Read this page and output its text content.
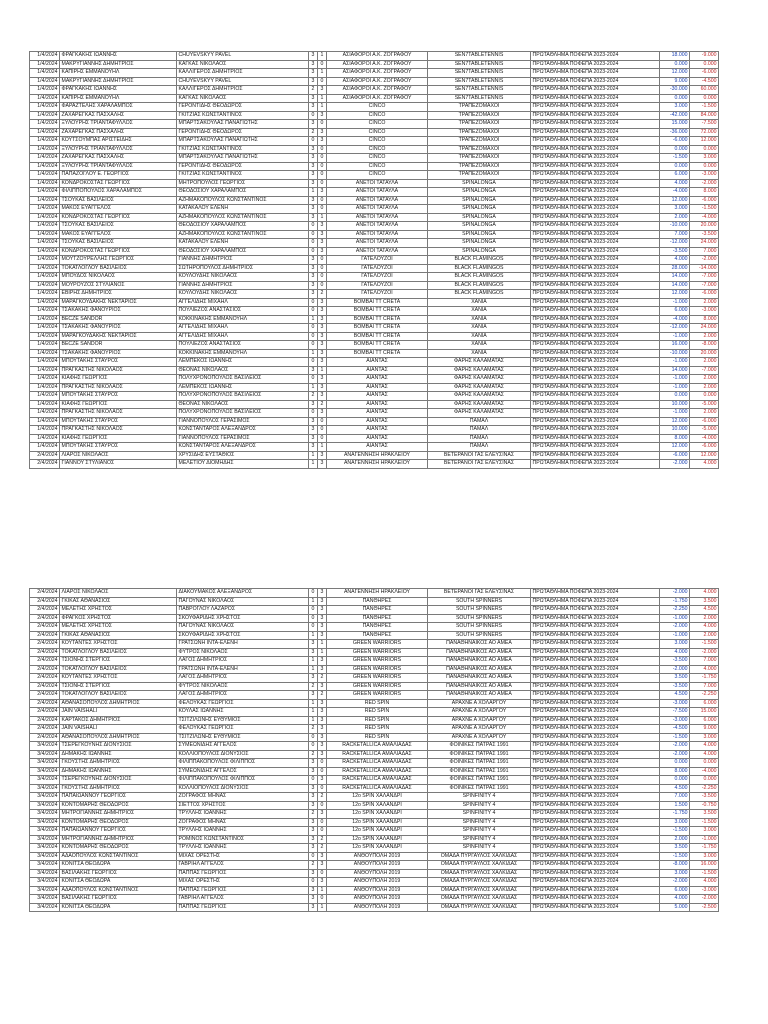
1/4/2024	ΦΡΑΓΚΑΚΗΣ ΙΩΑΝΝΗΣ	CHUYEVSKYY PAVEL	3	1	ΑΣΙΑΦΟΡΟΙ Α.Κ. ΖΟΓΡΑΦΟΥ	SEN7TABLETENNIS	ΠΡΩΤΑΘΛΗΜΑ ΠΟΦΕΠΑ 2023-2024	18.000	-9.000
1/4/2024	ΜΑΚΡΥΓΙΑΝΝΗΣ ΔΗΜΗΤΡΙΟΣ	ΚΑΓΚΑΣ ΝΙΚΟΛΑΟΣ	3	0	ΑΣΙΑΦΟΡΟΙ Α.Κ. ΖΟΓΡΑΦΟΥ	SEN7TABLETENNIS	ΠΡΩΤΑΘΛΗΜΑ ΠΟΦΕΠΑ 2023-2024	0.000	0.000
1/4/2024	ΚΑΠΙΡΗΣ ΕΜΜΑΝΟΥΗΛ	ΚΑΛΛΙΓΕΡΟΣ ΔΗΜΗΤΡΙΟΣ	3	1	ΑΣΙΑΦΟΡΟΙ Α.Κ. ΖΟΓΡΑΦΟΥ	SEN7TABLETENNIS	ΠΡΩΤΑΘΛΗΜΑ ΠΟΦΕΠΑ 2023-2024	12.000	-6.000
1/4/2024	ΜΑΚΡΥΓΙΑΝΝΗΣ ΔΗΜΗΤΡΙΟΣ	CHUYEVSKYY PAVEL	3	0	ΑΣΙΑΦΟΡΟΙ Α.Κ. ΖΟΓΡΑΦΟΥ	SEN7TABLETENNIS	ΠΡΩΤΑΘΛΗΜΑ ΠΟΦΕΠΑ 2023-2024	9.000	-4.500
1/4/2024	ΦΡΑΓΚΑΚΗΣ ΙΩΑΝΝΗΣ	ΚΑΛΛΙΓΕΡΟΣ ΔΗΜΗΤΡΙΟΣ	2	3	ΑΣΙΑΦΟΡΟΙ Α.Κ. ΖΟΓΡΑΦΟΥ	SEN7TABLETENNIS	ΠΡΩΤΑΘΛΗΜΑ ΠΟΦΕΠΑ 2023-2024	-30.000	60.000
1/4/2024	ΚΑΠΙΡΗΣ ΕΜΜΑΝΟΥΗΛ	ΚΑΓΚΑΣ ΝΙΚΟΛΑΟΣ	3	1	ΑΣΙΑΦΟΡΟΙ Α.Κ. ΖΟΓΡΑΦΟΥ	SEN7TABLETENNIS	ΠΡΩΤΑΘΛΗΜΑ ΠΟΦΕΠΑ 2023-2024	0.000	0.000
1/4/2024	ΦΑΡΑΖΤΕΛΗΣ ΧΑΡΑΛΑΜΠΟΣ	ΓΕΡΟΝΤΙΔΗΣ ΘΕΟΔΩΡΟΣ	3	1	CINCO	ΤΡΑΠΕΖΟΜΑΧΟΙ	ΠΡΩΤΑΘΛΗΜΑ ΠΟΦΕΠΑ 2023-2024	3.000	-1.500
1/4/2024	ΖΑΧΑΡΕΓΚΑΣ ΠΑΣΧΑΛΗΣ	ΓΚΙΤΖΙΑΣ ΚΩΝΣΤΑΝΤΙΝΟΣ	0	3	CINCO	ΤΡΑΠΕΖΟΜΑΧΟΙ	ΠΡΩΤΑΘΛΗΜΑ ΠΟΦΕΠΑ 2023-2024	-42.000	84.000
1/4/2024	ΞΥΛΟΥΡΗΣ ΤΡΙΑΝΤΑΦΥΛΛΟΣ	ΜΠΑΡΤΣΑΚΟΥΛΑΣ ΠΑΝΑΓΙΩΤΗΣ	3	0	CINCO	ΤΡΑΠΕΖΟΜΑΧΟΙ	ΠΡΩΤΑΘΛΗΜΑ ΠΟΦΕΠΑ 2023-2024	15.000	-7.500
1/4/2024	ΖΑΧΑΡΕΓΚΑΣ ΠΑΣΧΑΛΗΣ	ΓΕΡΟΝΤΙΔΗΣ ΘΕΟΔΩΡΟΣ	2	3	CINCO	ΤΡΑΠΕΖΟΜΑΧΟΙ	ΠΡΩΤΑΘΛΗΜΑ ΠΟΦΕΠΑ 2023-2024	-36.000	72.000
1/4/2024	ΚΟΥΤΣΟΥΜΠΑΣ ΑΡΙΣΤΕΙΔΗΣ	ΜΠΑΡΤΣΑΚΟΥΛΑΣ ΠΑΝΑΓΙΩΤΗΣ	0	3	CINCO	ΤΡΑΠΕΖΟΜΑΧΟΙ	ΠΡΩΤΑΘΛΗΜΑ ΠΟΦΕΠΑ 2023-2024	-6.000	12.000
1/4/2024	ΞΥΛΟΥΡΗΣ ΤΡΙΑΝΤΑΦΥΛΛΟΣ	ΓΚΙΤΖΙΑΣ ΚΩΝΣΤΑΝΤΙΝΟΣ	3	0	CINCO	ΤΡΑΠΕΖΟΜΑΧΟΙ	ΠΡΩΤΑΘΛΗΜΑ ΠΟΦΕΠΑ 2023-2024	0.000	0.000
1/4/2024	ΖΑΧΑΡΕΓΚΑΣ ΠΑΣΧΑΛΗΣ	ΜΠΑΡΤΣΑΚΟΥΛΑΣ ΠΑΝΑΓΙΩΤΗΣ	3	0	CINCO	ΤΡΑΠΕΖΟΜΑΧΟΙ	ΠΡΩΤΑΘΛΗΜΑ ΠΟΦΕΠΑ 2023-2024	-1.500	3.000
1/4/2024	ΞΥΛΟΥΡΗΣ ΤΡΙΑΝΤΑΦΥΛΛΟΣ	ΓΕΡΟΝΤΙΔΗΣ ΘΕΟΔΩΡΟΣ	3	0	CINCO	ΤΡΑΠΕΖΟΜΑΧΟΙ	ΠΡΩΤΑΘΛΗΜΑ ΠΟΦΕΠΑ 2023-2024	0.000	0.000
1/4/2024	ΠΑΠΑΖΟΓΛΟΥ Ε. ΓΕΩΡΓΙΟΣ	ΓΚΙΤΖΙΑΣ ΚΩΝΣΤΑΝΤΙΝΟΣ	3	0	CINCO	ΤΡΑΠΕΖΟΜΑΧΟΙ	ΠΡΩΤΑΘΛΗΜΑ ΠΟΦΕΠΑ 2023-2024	6.000	-3.000
1/4/2024	ΚΟΝΔΡΟΚΟΣΤΑΣ ΓΕΩΡΓΙΟΣ	ΜΗΤΡΟΠΟΥΛΟΣ ΓΕΩΡΓΙΟΣ	3	0	ΑΝΕΤΟΙ ΤΑΤΑΥΛΑ	SPINALONGA	ΠΡΩΤΑΘΛΗΜΑ ΠΟΦΕΠΑ 2023-2024	4.000	-2.000
1/4/2024	ΦΙΛΙΠΠΟΠΟΥΛΟΣ ΧΑΡΑΛΑΜΠΟΣ	ΘΕΟΔΟΣΙΟΥ ΧΑΡΑΛΑΜΠΟΣ	1	3	ΑΝΕΤΟΙ ΤΑΤΑΥΛΑ	SPINALONGA	ΠΡΩΤΑΘΛΗΜΑ ΠΟΦΕΠΑ 2023-2024	-4.000	8.000
1/4/2024	ΤΣΟΥΚΑΣ ΒΑΣΙΛΕΙΟΣ	ΑΖΗΜΑΚΟΠΟΥΛΟΣ ΚΩΝΣΤΑΝΤΙΝΟΣ	3	0	ΑΝΕΤΟΙ ΤΑΤΑΥΛΑ	SPINALONGA	ΠΡΩΤΑΘΛΗΜΑ ΠΟΦΕΠΑ 2023-2024	12.000	-6.000
1/4/2024	ΜΑΚΟΣ ΕΥΑΓΓΕΛΟΣ	ΚΑΤΑΚΑΛΟΥ ΕΛΕΝΗ	3	0	ΑΝΕΤΟΙ ΤΑΤΑΥΛΑ	SPINALONGA	ΠΡΩΤΑΘΛΗΜΑ ΠΟΦΕΠΑ 2023-2024	3.000	-1.500
1/4/2024	ΚΟΝΔΡΟΚΟΣΤΑΣ ΓΕΩΡΓΙΟΣ	ΑΖΗΜΑΚΟΠΟΥΛΟΣ ΚΩΝΣΤΑΝΤΙΝΟΣ	3	1	ΑΝΕΤΟΙ ΤΑΤΑΥΛΑ	SPINALONGA	ΠΡΩΤΑΘΛΗΜΑ ΠΟΦΕΠΑ 2023-2024	2.000	-4.000
1/4/2024	ΤΣΟΥΚΑΣ ΒΑΣΙΛΕΙΟΣ	ΘΕΟΔΟΣΙΟΥ ΧΑΡΑΛΑΜΠΟΣ	0	3	ΑΝΕΤΟΙ ΤΑΤΑΥΛΑ	SPINALONGA	ΠΡΩΤΑΘΛΗΜΑ ΠΟΦΕΠΑ 2023-2024	-10.000	20.000
1/4/2024	ΜΑΚΟΣ ΕΥΑΓΓΕΛΟΣ	ΑΖΗΜΑΚΟΠΟΥΛΟΣ ΚΩΝΣΤΑΝΤΙΝΟΣ	0	3	ΑΝΕΤΟΙ ΤΑΤΑΥΛΑ	SPINALONGA	ΠΡΩΤΑΘΛΗΜΑ ΠΟΦΕΠΑ 2023-2024	7.000	-3.500
1/4/2024	ΤΣΟΥΚΑΣ ΒΑΣΙΛΕΙΟΣ	ΚΑΤΑΚΑΛΟΥ ΕΛΕΝΗ	0	3	ΑΝΕΤΟΙ ΤΑΤΑΥΛΑ	SPINALONGA	ΠΡΩΤΑΘΛΗΜΑ ΠΟΦΕΠΑ 2023-2024	-12.000	24.000
1/4/2024	ΚΟΝΔΡΟΚΟΣΤΑΣ ΓΕΩΡΓΙΟΣ	ΘΕΟΔΟΣΙΟΥ ΧΑΡΑΛΑΜΠΟΣ	0	3	ΑΝΕΤΟΙ ΤΑΤΑΥΛΑ	SPINALONGA	ΠΡΩΤΑΘΛΗΜΑ ΠΟΦΕΠΑ 2023-2024	-3.500	7.000
1/4/2024	ΜΟΥΤΖΟΥΡΕΛΛΗΣ ΓΕΩΡΓΙΟΣ	ΓΙΑΝΝΗΣ ΔΗΜΗΤΡΙΟΣ	3	0	ΓΑΤΕΛΟΥΖΟΙ	BLACK FLAMINGOS	ΠΡΩΤΑΘΛΗΜΑ ΠΟΦΕΠΑ 2023-2024	4.000	-2.000
1/4/2024	ΤΟΚΑΤΛΟΓΛΟΥ ΒΑΣΙΛΕΙΟΣ	ΣΩΤΗΡΟΠΟΥΛΟΣ ΔΗΜΗΤΡΙΟΣ	3	0	ΓΑΤΕΛΟΥΖΟΙ	BLACK FLAMINGOS	ΠΡΩΤΑΘΛΗΜΑ ΠΟΦΕΠΑ 2023-2024	28.000	-14.000
1/4/2024	ΜΠΟΥΔΟΣ ΝΙΚΟΛΑΟΣ	ΚΟΥΛΟΥΔΗΣ ΝΙΚΟΛΑΟΣ	3	0	ΓΑΤΕΛΟΥΖΟΙ	BLACK FLAMINGOS	ΠΡΩΤΑΘΛΗΜΑ ΠΟΦΕΠΑ 2023-2024	14.000	-7.000
1/4/2024	ΜΟΥΡΟΥΖΟΣ ΣΤΥΛΙΑΝΟΣ	ΓΙΑΝΝΗΣ ΔΗΜΗΤΡΙΟΣ	3	0	ΓΑΤΕΛΟΥΖΟΙ	BLACK FLAMINGOS	ΠΡΩΤΑΘΛΗΜΑ ΠΟΦΕΠΑ 2023-2024	14.000	-7.000
1/4/2024	ΕΒΙΡΗΣ ΔΗΜΗΤΡΙΟΣ	ΚΟΥΛΟΥΔΗΣ ΝΙΚΟΛΑΟΣ	3	2	ΓΑΤΕΛΟΥΖΟΙ	BLACK FLAMINGOS	ΠΡΩΤΑΘΛΗΜΑ ΠΟΦΕΠΑ 2023-2024	12.000	-6.000
1/4/2024	ΜΑΡΑΓΚΟΥΔΑΚΗΣ ΝΕΚΤΑΡΙΟΣ	ΑΓΓΕΛΙΔΗΣ ΜΙΧΑΗΛ	0	3	BOMBAI TT CRETA	ΧΑΝΙΑ	ΠΡΩΤΑΘΛΗΜΑ ΠΟΦΕΠΑ 2023-2024	-1.000	2.000
1/4/2024	ΤΣΑΚΑΚΗΣ ΦΑΝΟΥΡΙΟΣ	ΠΟΥΛΙΕΖΟΣ ΑΝΑΣΤΑΣΙΟΣ	0	3	BOMBAI TT CRETA	ΧΑΝΙΑ	ΠΡΩΤΑΘΛΗΜΑ ΠΟΦΕΠΑ 2023-2024	6.000	-3.000
1/4/2024	BECZE SANDOR	ΚΟΚΚΙΝΑΚΗΣ ΕΜΜΑΝΟΥΗΛ	1	3	BOMBAI TT CRETA	ΧΑΝΙΑ	ΠΡΩΤΑΘΛΗΜΑ ΠΟΦΕΠΑ 2023-2024	-4.000	8.000
1/4/2024	ΤΣΑΚΑΚΗΣ ΦΑΝΟΥΡΙΟΣ	ΑΓΓΕΛΙΔΗΣ ΜΙΧΑΗΛ	0	3	BOMBAI TT CRETA	ΧΑΝΙΑ	ΠΡΩΤΑΘΛΗΜΑ ΠΟΦΕΠΑ 2023-2024	-12.000	24.000
1/4/2024	ΜΑΡΑΓΚΟΥΔΑΚΗΣ ΝΕΚΤΑΡΙΟΣ	ΑΓΓΕΛΙΔΗΣ ΜΙΧΑΗΛ	0	3	BOMBAI TT CRETA	ΧΑΝΙΑ	ΠΡΩΤΑΘΛΗΜΑ ΠΟΦΕΠΑ 2023-2024	-1.000	2.000
1/4/2024	BECZE SANDOR	ΠΟΥΛΙΕΖΟΣ ΑΝΑΣΤΑΣΙΟΣ	0	3	BOMBAI TT CRETA	ΧΑΝΙΑ	ΠΡΩΤΑΘΛΗΜΑ ΠΟΦΕΠΑ 2023-2024	16.000	-8.000
1/4/2024	ΤΣΑΚΑΚΗΣ ΦΑΝΟΥΡΙΟΣ	ΚΟΚΚΙΝΑΚΗΣ ΕΜΜΑΝΟΥΗΛ	1	3	BOMBAI TT CRETA	ΧΑΝΙΑ	ΠΡΩΤΑΘΛΗΜΑ ΠΟΦΕΠΑ 2023-2024	-10.000	20.000
1/4/2024	ΜΠΟΥΤΑΚΗΣ ΣΤΑΥΡΟΣ	ΛΕΜΠΕΚΟΣ ΙΩΑΝΝΗΣ	0	3	ΑΙΑΝΤΑΣ	ΦΑΡΗΣ ΚΑΛΑΜΑΤΑΣ	ΠΡΩΤΑΘΛΗΜΑ ΠΟΦΕΠΑ 2023-2024	-1.000	2.000
1/4/2024	ΠΡΑΓΚΑΣΤΗΣ ΝΙΚΟΛΑΟΣ	ΘΕΟΝΑΣ ΝΙΚΟΛΑΟΣ	3	1	ΑΙΑΝΤΑΣ	ΦΑΡΗΣ ΚΑΛΑΜΑΤΑΣ	ΠΡΩΤΑΘΛΗΜΑ ΠΟΦΕΠΑ 2023-2024	14.000	-7.000
1/4/2024	ΚΙΑΦΗΣ ΓΕΩΡΓΙΟΣ	ΠΟΛΥΧΡΟΝΟΠΟΥΛΟΣ ΒΑΣΙΛΕΙΟΣ	0	3	ΑΙΑΝΤΑΣ	ΦΑΡΗΣ ΚΑΛΑΜΑΤΑΣ	ΠΡΩΤΑΘΛΗΜΑ ΠΟΦΕΠΑ 2023-2024	-1.000	2.000
1/4/2024	ΠΡΑΓΚΑΣΤΗΣ ΝΙΚΟΛΑΟΣ	ΛΕΜΠΕΚΟΣ ΙΩΑΝΝΗΣ	1	3	ΑΙΑΝΤΑΣ	ΦΑΡΗΣ ΚΑΛΑΜΑΤΑΣ	ΠΡΩΤΑΘΛΗΜΑ ΠΟΦΕΠΑ 2023-2024	-1.000	2.000
1/4/2024	ΜΠΟΥΤΑΚΗΣ ΣΤΑΥΡΟΣ	ΠΟΛΥΧΡΟΝΟΠΟΥΛΟΣ ΒΑΣΙΛΕΙΟΣ	2	3	ΑΙΑΝΤΑΣ	ΦΑΡΗΣ ΚΑΛΑΜΑΤΑΣ	ΠΡΩΤΑΘΛΗΜΑ ΠΟΦΕΠΑ 2023-2024	0.000	0.000
1/4/2024	ΚΙΑΦΗΣ ΓΕΩΡΓΙΟΣ	ΘΕΟΝΑΣ ΝΙΚΟΛΑΟΣ	3	2	ΑΙΑΝΤΑΣ	ΦΑΡΗΣ ΚΑΛΑΜΑΤΑΣ	ΠΡΩΤΑΘΛΗΜΑ ΠΟΦΕΠΑ 2023-2024	10.000	-5.000
1/4/2024	ΠΡΑΓΚΑΣΤΗΣ ΝΙΚΟΛΑΟΣ	ΠΟΛΥΧΡΟΝΟΠΟΥΛΟΣ ΒΑΣΙΛΕΙΟΣ	0	3	ΑΙΑΝΤΑΣ	ΦΑΡΗΣ ΚΑΛΑΜΑΤΑΣ	ΠΡΩΤΑΘΛΗΜΑ ΠΟΦΕΠΑ 2023-2024	-1.000	2.000
1/4/2024	ΜΠΟΥΤΑΚΗΣ ΣΤΑΥΡΟΣ	ΓΙΑΝΝΟΠΟΥΛΟΣ ΓΕΡΑΣΙΜΟΣ	3	0	ΑΙΑΝΤΑΣ	ΠΑΜΑΛ	ΠΡΩΤΑΘΛΗΜΑ ΠΟΦΕΠΑ 2023-2024	12.000	-6.000
1/4/2024	ΠΡΑΓΚΑΣΤΗΣ ΝΙΚΟΛΑΟΣ	ΚΩΝΣΤΑΝΤΑΡΟΣ ΑΛΕΞΑΝΔΡΟΣ	3	0	ΑΙΑΝΤΑΣ	ΠΑΜΑΛ	ΠΡΩΤΑΘΛΗΜΑ ΠΟΦΕΠΑ 2023-2024	10.000	-5.000
1/4/2024	ΚΙΑΦΗΣ ΓΕΩΡΓΙΟΣ	ΓΙΑΝΝΟΠΟΥΛΟΣ ΓΕΡΑΣΙΜΟΣ	3	0	ΑΙΑΝΤΑΣ	ΠΑΜΑΛ	ΠΡΩΤΑΘΛΗΜΑ ΠΟΦΕΠΑ 2023-2024	8.000	-4.000
1/4/2024	ΜΠΟΥΤΑΚΗΣ ΣΤΑΥΡΟΣ	ΚΩΝΣΤΑΝΤΑΡΟΣ ΑΛΕΞΑΝΔΡΟΣ	3	1	ΑΙΑΝΤΑΣ	ΠΑΜΑΛ	ΠΡΩΤΑΘΛΗΜΑ ΠΟΦΕΠΑ 2023-2024	12.000	-6.000
2/4/2024	ΛΙΑΡΟΣ ΝΙΚΟΛΑΟΣ	ΧΡΥΣΙΔΗΣ ΕΥΣΤΑΘΙΟΣ	1	3	ΑΝΑΓΕΝΝΗΣΗ ΗΡΑΚΛΕΙΟΥ	ΒΕΤΕΡΑΝΟΙ ΓΑΣ ΕΛΕΥΣΙΝΑΣ	ΠΡΩΤΑΘΛΗΜΑ ΠΟΦΕΠΑ 2023-2024	-6.000	12.000
2/4/2024	ΓΙΑΝΝΟΥ ΣΤΥΛΙΑΝΟΣ	ΜΕΛΕΤΙΟΥ ΔΙΟΜΗΔΗΣ	1	3	ΑΝΑΓΕΝΝΗΣΗ ΗΡΑΚΛΕΙΟΥ	ΒΕΤΕΡΑΝΟΙ ΓΑΣ ΕΛΕΥΣΙΝΑΣ	ΠΡΩΤΑΘΛΗΜΑ ΠΟΦΕΠΑ 2023-2024	-2.000	4.000
2/4/2024	ΛΙΑΡΟΣ ΝΙΚΟΛΑΟΣ	ΔΙΑΚΟΥΜΑΚΟΣ ΑΛΕΞΑΝΔΡΟΣ	0	3	ΑΝΑΓΕΝΝΗΣΗ ΗΡΑΚΛΕΙΟΥ	ΒΕΤΕΡΑΝΟΙ ΓΑΣ ΕΛΕΥΣΙΝΑΣ	ΠΡΩΤΑΘΛΗΜΑ ΠΟΦΕΠΑ 2023-2024	-2.000	4.000
2/4/2024	ΓΚΙΚΑΣ ΑΘΑΝΑΣΙΟΣ	ΠΑΓΟΥΝΑΣ ΝΙΚΟΛΑΟΣ	1	3	ΠΑΝΘΗΡΕΣ	SOUTH SPINNERS	ΠΡΩΤΑΘΛΗΜΑ ΠΟΦΕΠΑ 2023-2024	-1.750	3.500
2/4/2024	ΜΕΛΕΤΗΣ ΧΡΗΣΤΟΣ	ΠΑΒΡΟΓΛΟΥ ΛΑΖΑΡΟΣ	0	3	ΠΑΝΘΗΡΕΣ	SOUTH SPINNERS	ΠΡΩΤΑΘΛΗΜΑ ΠΟΦΕΠΑ 2023-2024	-2.250	4.500
2/4/2024	ΦΡΑΓΚΟΣ ΧΡΗΣΤΟΣ	ΣΚΟΥΦΑΡΙΔΗΣ ΧΡΗΣΤΟΣ	0	3	ΠΑΝΘΗΡΕΣ	SOUTH SPINNERS	ΠΡΩΤΑΘΛΗΜΑ ΠΟΦΕΠΑ 2023-2024	-1.000	2.000
2/4/2024	ΜΕΛΕΤΗΣ ΧΡΗΣΤΟΣ	ΠΑΓΟΥΝΑΣ ΝΙΚΟΛΑΟΣ	0	3	ΠΑΝΘΗΡΕΣ	SOUTH SPINNERS	ΠΡΩΤΑΘΛΗΜΑ ΠΟΦΕΠΑ 2023-2024	-2.000	4.000
2/4/2024	ΓΚΙΚΑΣ ΑΘΑΝΑΣΙΟΣ	ΣΚΟΥΦΑΡΙΔΗΣ ΧΡΗΣΤΟΣ	1	3	ΠΑΝΘΗΡΕΣ	SOUTH SPINNERS	ΠΡΩΤΑΘΛΗΜΑ ΠΟΦΕΠΑ 2023-2024	-1.000	2.000
2/4/2024	ΚΟΥΤΑΝΤΕΣ ΧΡΗΣΤΟΣ	ΓΡΑΤΣΩΝΗ ΙΝΤΑ-ΕΛΕΝΗ	3	1	GREEN WARRIORS	ΠΑΝΑΘΗΝΑΪΚΟΣ ΑΟ ΑΜΕΑ	ΠΡΩΤΑΘΛΗΜΑ ΠΟΦΕΠΑ 2023-2024	3.000	-1.500
2/4/2024	ΤΟΚΑΤΛΟΓΛΟΥ ΒΑΣΙΛΕΙΟΣ	ΦΥΤΡΟΣ ΝΙΚΟΛΑΟΣ	3	1	GREEN WARRIORS	ΠΑΝΑΘΗΝΑΪΚΟΣ ΑΟ ΑΜΕΑ	ΠΡΩΤΑΘΛΗΜΑ ΠΟΦΕΠΑ 2023-2024	4.000	-2.000
2/4/2024	ΤΣΙΟΝΗΣ ΣΤΕΡΓΙΟΣ	ΛΑΓΟΣ ΔΗΜΗΤΡΙΟΣ	1	3	GREEN WARRIORS	ΠΑΝΑΘΗΝΑΪΚΟΣ ΑΟ ΑΜΕΑ	ΠΡΩΤΑΘΛΗΜΑ ΠΟΦΕΠΑ 2023-2024	-3.500	7.000
2/4/2024	ΤΟΚΑΤΛΟΓΛΟΥ ΒΑΣΙΛΕΙΟΣ	ΓΡΑΤΣΩΝΗ ΙΝΤΑ-ΕΛΕΝΗ	1	3	GREEN WARRIORS	ΠΑΝΑΘΗΝΑΪΚΟΣ ΑΟ ΑΜΕΑ	ΠΡΩΤΑΘΛΗΜΑ ΠΟΦΕΠΑ 2023-2024	-2.000	4.000
2/4/2024	ΚΟΥΤΑΝΤΕΣ ΧΡΗΣΤΟΣ	ΛΑΓΟΣ ΔΗΜΗΤΡΙΟΣ	3	2	GREEN WARRIORS	ΠΑΝΑΘΗΝΑΪΚΟΣ ΑΟ ΑΜΕΑ	ΠΡΩΤΑΘΛΗΜΑ ΠΟΦΕΠΑ 2023-2024	3.500	-1.750
2/4/2024	ΤΣΙΟΝΗΣ ΣΤΕΡΓΙΟΣ	ΦΥΤΡΟΣ ΝΙΚΟΛΑΟΣ	2	3	GREEN WARRIORS	ΠΑΝΑΘΗΝΑΪΚΟΣ ΑΟ ΑΜΕΑ	ΠΡΩΤΑΘΛΗΜΑ ΠΟΦΕΠΑ 2023-2024	-3.500	7.000
2/4/2024	ΤΟΚΑΤΛΟΓΛΟΥ ΒΑΣΙΛΕΙΟΣ	ΛΑΓΟΣ ΔΗΜΗΤΡΙΟΣ	3	2	GREEN WARRIORS	ΠΑΝΑΘΗΝΑΪΚΟΣ ΑΟ ΑΜΕΑ	ΠΡΩΤΑΘΛΗΜΑ ΠΟΦΕΠΑ 2023-2024	4.500	-2.250
2/4/2024	ΑΘΑΝΑΣΟΠΟΥΛΟΣ ΔΗΜΗΤΡΙΟΣ	ΦΕΛΟΥΚΑΣ ΓΕΩΡΓΙΟΣ	1	3	RED SPIN	ΑΡΑΧΝΕ Α ΧΟΛΑΡΓΟΥ	ΠΡΩΤΑΘΛΗΜΑ ΠΟΦΕΠΑ 2023-2024	-3.000	6.000
2/4/2024	JAIN VAISHALI	ΚΟΥΛΑΣ ΙΩΑΝΝΗΣ	1	3	RED SPIN	ΑΡΑΧΝΕ Α ΧΟΛΑΡΓΟΥ	ΠΡΩΤΑΘΛΗΜΑ ΠΟΦΕΠΑ 2023-2024	-7.500	15.000
2/4/2024	ΚΑΡΤΑΚΟΣ ΔΗΜΗΤΡΙΟΣ	ΤΣΙΤΖΙΛΩΝΗΣ ΕΥΘΥΜΙΟΣ	1	3	RED SPIN	ΑΡΑΧΝΕ Α ΧΟΛΑΡΓΟΥ	ΠΡΩΤΑΘΛΗΜΑ ΠΟΦΕΠΑ 2023-2024	-3.000	6.000
2/4/2024	JAIN VAISHALI	ΦΕΛΟΥΚΑΣ ΓΕΩΡΓΙΟΣ	2	3	RED SPIN	ΑΡΑΧΝΕ Α ΧΟΛΑΡΓΟΥ	ΠΡΩΤΑΘΛΗΜΑ ΠΟΦΕΠΑ 2023-2024	-4.500	9.000
2/4/2024	ΑΘΑΝΑΣΟΠΟΥΛΟΣ ΔΗΜΗΤΡΙΟΣ	ΤΣΙΤΖΙΛΩΝΗΣ ΕΥΘΥΜΙΟΣ	0	3	RED SPIN	ΑΡΑΧΝΕ Α ΧΟΛΑΡΓΟΥ	ΠΡΩΤΑΘΛΗΜΑ ΠΟΦΕΠΑ 2023-2024	-1.500	3.000
3/4/2024	ΤΣΕΡΕΓΚΟΥΝΗΣ ΔΙΟΝΥΣΙΟΣ	ΣΥΜΕΩΝΙΔΗΣ ΑΓΓΕΛΟΣ	0	3	RACKETALLICA ΑΜΑΛΙΑΔΑΣ	ΦΟΙΝΙΚΕΣ ΠΑΤΡΑΣ 1991	ΠΡΩΤΑΘΛΗΜΑ ΠΟΦΕΠΑ 2023-2024	-2.000	4.000
3/4/2024	ΔΗΜΑΚΗΣ ΙΩΑΝΝΗΣ	ΚΟΛΛΙΟΠΟΥΛΟΣ ΔΙΟΝΥΣΙΟΣ	2	3	RACKETALLICA ΑΜΑΛΙΑΔΑΣ	ΦΟΙΝΙΚΕΣ ΠΑΤΡΑΣ 1991	ΠΡΩΤΑΘΛΗΜΑ ΠΟΦΕΠΑ 2023-2024	-2.000	4.000
3/4/2024	ΓΚΟΥΣΤΗΣ ΔΗΜΗΤΡΙΟΣ	ΦΙΛΙΠΠΑΚΟΠΟΥΛΟΣ ΦΙΛΙΠΠΟΣ	3	0	RACKETALLICA ΑΜΑΛΙΑΔΑΣ	ΦΟΙΝΙΚΕΣ ΠΑΤΡΑΣ 1991	ΠΡΩΤΑΘΛΗΜΑ ΠΟΦΕΠΑ 2023-2024	0.000	0.000
3/4/2024	ΔΗΜΑΚΗΣ ΙΩΑΝΝΗΣ	ΣΥΜΕΩΝΙΔΗΣ ΑΓΓΕΛΟΣ	3	0	RACKETALLICA ΑΜΑΛΙΑΔΑΣ	ΦΟΙΝΙΚΕΣ ΠΑΤΡΑΣ 1991	ΠΡΩΤΑΘΛΗΜΑ ΠΟΦΕΠΑ 2023-2024	8.000	-4.000
3/4/2024	ΤΣΕΡΕΓΚΟΥΝΗΣ ΔΙΟΝΥΣΙΟΣ	ΦΙΛΙΠΠΑΚΟΠΟΥΛΟΣ ΦΙΛΙΠΠΟΣ	0	3	RACKETALLICA ΑΜΑΛΙΑΔΑΣ	ΦΟΙΝΙΚΕΣ ΠΑΤΡΑΣ 1991	ΠΡΩΤΑΘΛΗΜΑ ΠΟΦΕΠΑ 2023-2024	0.000	0.000
3/4/2024	ΓΚΟΥΣΤΗΣ ΔΗΜΗΤΡΙΟΣ	ΚΟΛΛΙΟΠΟΥΛΟΣ ΔΙΟΝΥΣΙΟΣ	3	0	RACKETALLICA ΑΜΑΛΙΑΔΑΣ	ΦΟΙΝΙΚΕΣ ΠΑΤΡΑΣ 1991	ΠΡΩΤΑΘΛΗΜΑ ΠΟΦΕΠΑ 2023-2024	4.500	-2.250
3/4/2024	ΠΑΠΑΙΩΑΝΝΟΥ ΓΕΩΡΓΙΟΣ	ΖΟΓΡΑΦΟΣ ΜΗΝΑΣ	3	2	12ο SPIN ΧΑΛΑΝΔΡΙ	SPINFINITY 4	ΠΡΩΤΑΘΛΗΜΑ ΠΟΦΕΠΑ 2023-2024	7.000	-3.500
3/4/2024	ΚΟΝΤΟΜΑΡΗΣ ΘΕΟΔΩΡΟΣ	ΣΙΕΤΤΟΣ ΧΡΗΣΤΟΣ	3	0	12ο SPIN ΧΑΛΑΝΔΡΙ	SPINFINITY 4	ΠΡΩΤΑΘΛΗΜΑ ΠΟΦΕΠΑ 2023-2024	1.500	-0.750
3/4/2024	ΜΗΤΡΟΓΙΑΝΝΗΣ ΔΗΜΗΤΡΙΟΣ	ΤΡΥΛΛΗΣ ΙΩΑΝΝΗΣ	2	3	12ο SPIN ΧΑΛΑΝΔΡΙ	SPINFINITY 4	ΠΡΩΤΑΘΛΗΜΑ ΠΟΦΕΠΑ 2023-2024	-1.750	3.500
3/4/2024	ΚΟΝΤΟΜΑΡΗΣ ΘΕΟΔΩΡΟΣ	ΖΟΓΡΑΦΟΣ ΜΗΝΑΣ	3	0	12ο SPIN ΧΑΛΑΝΔΡΙ	SPINFINITY 4	ΠΡΩΤΑΘΛΗΜΑ ΠΟΦΕΠΑ 2023-2024	3.000	-1.500
3/4/2024	ΠΑΠΑΙΩΑΝΝΟΥ ΓΕΩΡΓΙΟΣ	ΤΡΥΛΛΗΣ ΙΩΑΝΝΗΣ	3	0	12ο SPIN ΧΑΛΑΝΔΡΙ	SPINFINITY 4	ΠΡΩΤΑΘΛΗΜΑ ΠΟΦΕΠΑ 2023-2024	-1.500	3.000
3/4/2024	ΜΗΤΡΟΓΙΑΝΝΗΣ ΔΗΜΗΤΡΙΟΣ	ΡΟΜΙΝΟΣ ΚΩΝΣΤΑΝΤΙΝΟΣ	3	2	12ο SPIN ΧΑΛΑΝΔΡΙ	SPINFINITY 4	ΠΡΩΤΑΘΛΗΜΑ ΠΟΦΕΠΑ 2023-2024	2.000	-1.000
3/4/2024	ΚΟΝΤΟΜΑΡΗΣ ΘΕΟΔΩΡΟΣ	ΤΡΥΛΛΗΣ ΙΩΑΝΝΗΣ	3	2	12ο SPIN ΧΑΛΑΝΔΡΙ	SPINFINITY 4	ΠΡΩΤΑΘΛΗΜΑ ΠΟΦΕΠΑ 2023-2024	3.500	-1.750
3/4/2024	ΑΔΑΟΠΟΥΛΟΣ ΚΩΝΣΤΑΝΤΙΝΟΣ	ΜΙΧΑΣ ΟΡΕΣΤΗΣ	0	3	ΑΝΘΟΥΠΟΛΗ 2019	ΟΜΑΔΑ ΠΥΡΓΑΥΛΟΣ ΧΑΛΚΙΔΑΣ	ΠΡΩΤΑΘΛΗΜΑ ΠΟΦΕΠΑ 2023-2024	-1.500	3.000
3/4/2024	ΚΟΝΙΤΣΑ ΘΕΟΔΩΡΑ	ΓΑΒΡΙΗΛ ΑΓΓΕΛΟΣ	2	3	ΑΝΘΟΥΠΟΛΗ 2019	ΟΜΑΔΑ ΠΥΡΓΑΥΛΟΣ ΧΑΛΚΙΔΑΣ	ΠΡΩΤΑΘΛΗΜΑ ΠΟΦΕΠΑ 2023-2024	-8.000	16.000
3/4/2024	ΒΑΣΙΛΑΚΗΣ ΓΕΩΡΓΙΟΣ	ΠΑΠΠΑΣ ΓΕΩΡΓΙΟΣ	3	0	ΑΝΘΟΥΠΟΛΗ 2019	ΟΜΑΔΑ ΠΥΡΓΑΥΛΟΣ ΧΑΛΚΙΔΑΣ	ΠΡΩΤΑΘΛΗΜΑ ΠΟΦΕΠΑ 2023-2024	3.000	-1.500
3/4/2024	ΚΟΝΙΤΣΑ ΘΕΟΔΩΡΑ	ΜΙΧΑΣ ΟΡΕΣΤΗΣ	0	3	ΑΝΘΟΥΠΟΛΗ 2019	ΟΜΑΔΑ ΠΥΡΓΑΥΛΟΣ ΧΑΛΚΙΔΑΣ	ΠΡΩΤΑΘΛΗΜΑ ΠΟΦΕΠΑ 2023-2024	-2.000	4.000
3/4/2024	ΑΔΑΟΠΟΥΛΟΣ ΚΩΝΣΤΑΝΤΙΝΟΣ	ΠΑΠΠΑΣ ΓΕΩΡΓΙΟΣ	3	1	ΑΝΘΟΥΠΟΛΗ 2019	ΟΜΑΔΑ ΠΥΡΓΑΥΛΟΣ ΧΑΛΚΙΔΑΣ	ΠΡΩΤΑΘΛΗΜΑ ΠΟΦΕΠΑ 2023-2024	6.000	-3.000
3/4/2024	ΒΑΣΙΛΑΚΗΣ ΓΕΩΡΓΙΟΣ	ΓΑΒΡΙΗΛ ΑΓΓΕΛΟΣ	3	0	ΑΝΘΟΥΠΟΛΗ 2019	ΟΜΑΔΑ ΠΥΡΓΑΥΛΟΣ ΧΑΛΚΙΔΑΣ	ΠΡΩΤΑΘΛΗΜΑ ΠΟΦΕΠΑ 2023-2024	4.000	-2.000
3/4/2024	ΚΟΝΙΤΣΑ ΘΕΟΔΩΡΑ	ΠΑΠΠΑΣ ΓΕΩΡΓΙΟΣ	3	1	ΑΝΘΟΥΠΟΛΗ 2019	ΟΜΑΔΑ ΠΥΡΓΑΥΛΟΣ ΧΑΛΚΙΔΑΣ	ΠΡΩΤΑΘΛΗΜΑ ΠΟΦΕΠΑ 2023-2024	5.000	-2.500
